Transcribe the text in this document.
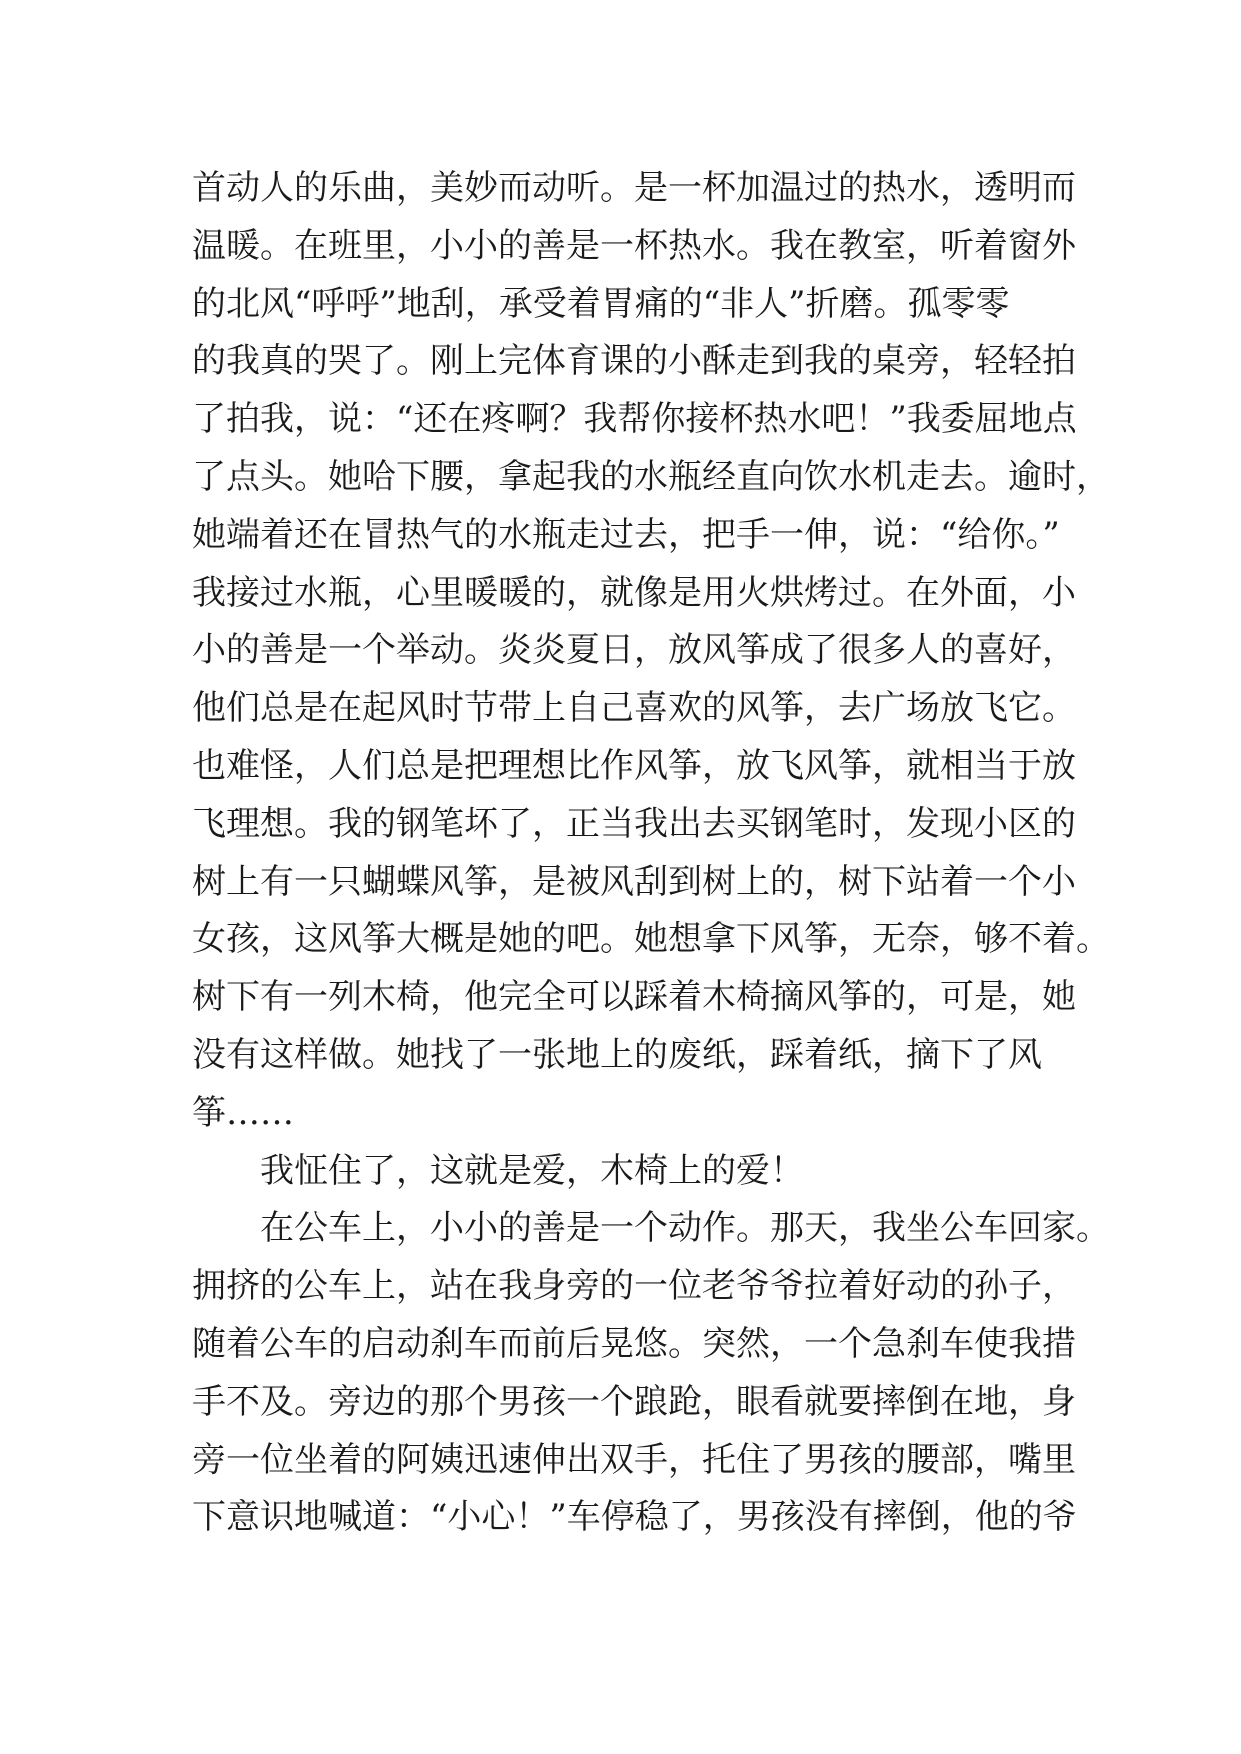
首动人的乐曲，美妙而动听。是一杯加温过的热水，透明而
温暖。在班里，小小的善是一杯热水。我在教室，听着窗外
的北风“呼呼”地刮，承受着胃痛的“非人”折磨。孤零零
的我真的哭了。刚上完体育课的小酥走到我的桌旁，轻轻拍
了拍我，说：“还在疼啊？我帮你接杯热水吧！”我委屈地点
了点头。她哈下腰，拿起我的水瓶经直向饮水机走去。逾时，
她端着还在冒热气的水瓶走过去，把手一伸，说：“给你。”
我接过水瓶，心里暖暖的，就像是用火烘烤过。在外面，小
小的善是一个举动。炎炎夏日，放风筝成了很多人的喜好，
他们总是在起风时节带上自己喜欢的风筝，去广场放飞它。
也难怪，人们总是把理想比作风筝，放飞风筝，就相当于放
飞理想。我的钢笔坏了，正当我出去买钢笔时，发现小区的
树上有一只蝴蝶风筝，是被风刮到树上的，树下站着一个小
女孩，这风筝大概是她的吧。她想拿下风筝，无奈，够不着。
树下有一列木椅，他完全可以踩着木椅摘风筝的，可是，她
没有这样做。她找了一张地上的废纸，踩着纸，摘下了风
筝……
我怔住了，这就是爱，木椅上的爱！
在公车上，小小的善是一个动作。那天，我坐公车回家。
拥挤的公车上，站在我身旁的一位老爷爷拉着好动的孙子，
随着公车的启动刹车而前后晃悠。突然，一个急刹车使我措
手不及。旁边的那个男孩一个踉跄，眼看就要摔倒在地，身
旁一位坐着的阿姨迅速伸出双手，托住了男孩的腰部，嘴里
下意识地喊道：“小心！”车停稳了，男孩没有摔倒，他的爷
